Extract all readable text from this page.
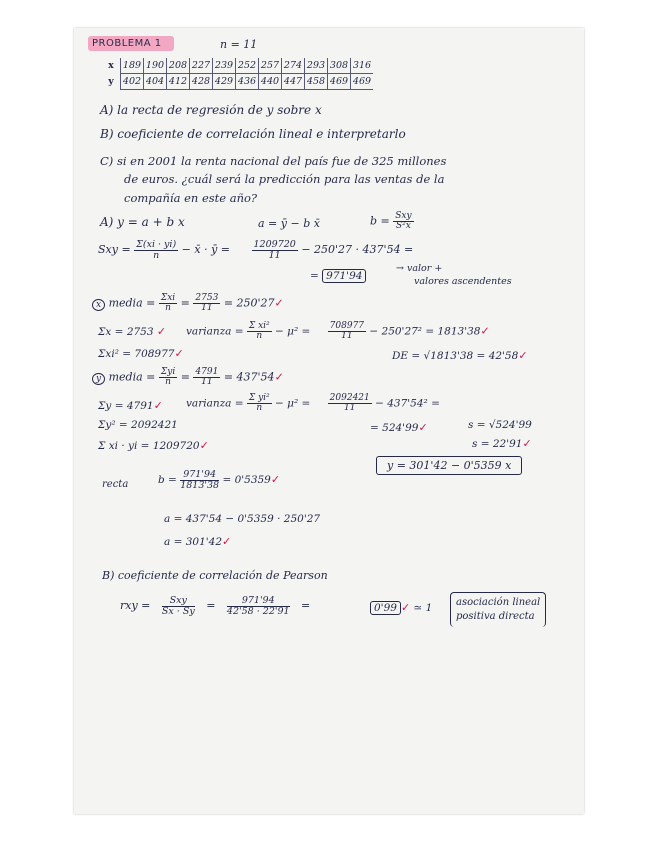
PROBLEMA 1	n = 11
x	189	190	208	227	239	252	257	274	293	308	316
y	402	404	412	428	429	436	440	447	458	469	469
A) la recta de regresión de y sobre x
B) coeficiente de correlación lineal e interpretarlo
C) si en 2001 la renta nacional del país fue de 325 millones
de euros. ¿cuál será la predicción para las ventas de la
compañía en este año?
A) y = a + b x	a = ȳ − b x̄	$b = \frac{\text{Sxy}}{\text{S²x}}$
Sxy = $\frac{\Sigma(xi \cdot yi)}{n}$ − x̄ · ȳ = $\frac{1209720}{11} - 250'27 \cdot 437'54$ =
= 971'94
→ valor +
valores ascendentes
x media = $\frac{\text{Σxi}}{n} = \frac{2753}{11}$ = 250'27✓
Σx = 2753 ✓ varianza = $\frac{\text{Σ xi²}}{n} - \mu^2 = \frac{708977}{11} - 250'27^2$ = 1813'38✓
Σxi² = 708977✓	DE = √1813'38 = 42'58✓
y media = $\frac{\text{Σyi}}{n} = \frac{4791}{11}$ = 437'54✓
Σy = 4791✓ varianza = $\frac{\text{Σ yi²}}{n} - \mu^2 = \frac{2092421}{11} - 437'54^2$ =
Σy² = 2092421	= 524'99✓	s = √524'99
Σ xi · yi = 1209720✓	s = 22'91✓
y = 301'42 − 0'5359 x
recta	$b = \frac{971'94}{1813'38}$ = 0'5359✓
a = 437'54 − 0'5359 · 250'27
a = 301'42✓
B) coeficiente de correlación de Pearson
rxy = $\frac{\text{Sxy}}{Sx \cdot Sy} = \frac{971'94}{42'58 \cdot 22'91}$ =	0'99 ✓ ≃ 1 asociación lineal
positiva directa
